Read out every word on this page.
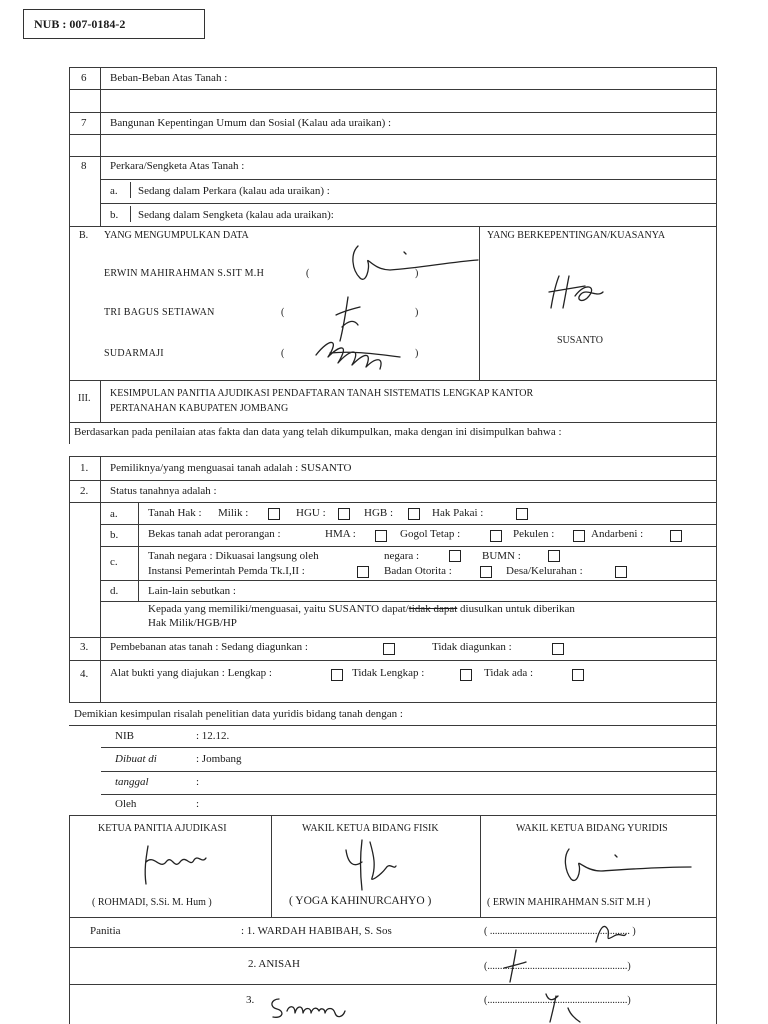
NUB : 007-0184-2
6 Beban-Beban Atas Tanah :
7 Bangunan Kepentingan Umum dan Sosial (Kalau ada uraikan) :
8 Perkara/Sengketa Atas Tanah :
a. Sedang dalam Perkara (kalau ada uraikan) :
b. Sedang dalam Sengketa (kalau ada uraikan):
B. YANG MENGUMPULKAN DATA	YANG BERKEPENTINGAN/KUASANYA
ERWIN MAHIRAHMAN S.SIT M.H	(	)
TRI BAGUS SETIAWAN	(	)
SUDARMAJI	(	)
SUSANTO
III. KESIMPULAN PANITIA AJUDIKASI PENDAFTARAN TANAH SISTEMATIS LENGKAP KANTOR
PERTANAHAN KABUPATEN JOMBANG
Berdasarkan pada penilaian atas fakta dan data yang telah dikumpulkan, maka dengan ini disimpulkan bahwa :
1. Pemiliknya/yang menguasai tanah adalah : SUSANTO
2. Status tanahnya adalah :
a.	Tanah Hak : Milik :	HGU :	HGB :	Hak Pakai :
b.	Bekas tanah adat perorangan :	HMA :	Gogol Tetap :	Pekulen :	Andarbeni :
c.	Tanah negara : Dikuasai langsung oleh	negara :	BUMN :
Instansi Pemerintah Pemda Tk.I,II :	Badan Otorita :	Desa/Kelurahan :
d.	Lain-lain sebutkan :
Kepada yang memiliki/menguasai, yaitu SUSANTO dapat/tidak dapat diusulkan untuk diberikan
Hak Milik/HGB/HP
3. Pembebanan atas tanah : Sedang diagunkan :	Tidak diagunkan :
4. Alat bukti yang diajukan : Lengkap :	Tidak Lengkap :	Tidak ada :
Demikian kesimpulan risalah penelitian data yuridis bidang tanah dengan :
NIB	: 12.12.
Dibuat di	: Jombang
tanggal	:
Oleh	:
KETUA PANITIA AJUDIKASI	WAKIL KETUA BIDANG FISIK	WAKIL KETUA BIDANG YURIDIS
( ROHMADI, S.Si. M. Hum )	( YOGA KAHINURCAHYO )	( ERWIN MAHIRAHMAN S.SiT M.H )
Panitia	: 1. WARDAH HABIBAH, S. Sos	( ........................................................ )
2. ANISAH	(........................................................)
3.	(........................................................)
